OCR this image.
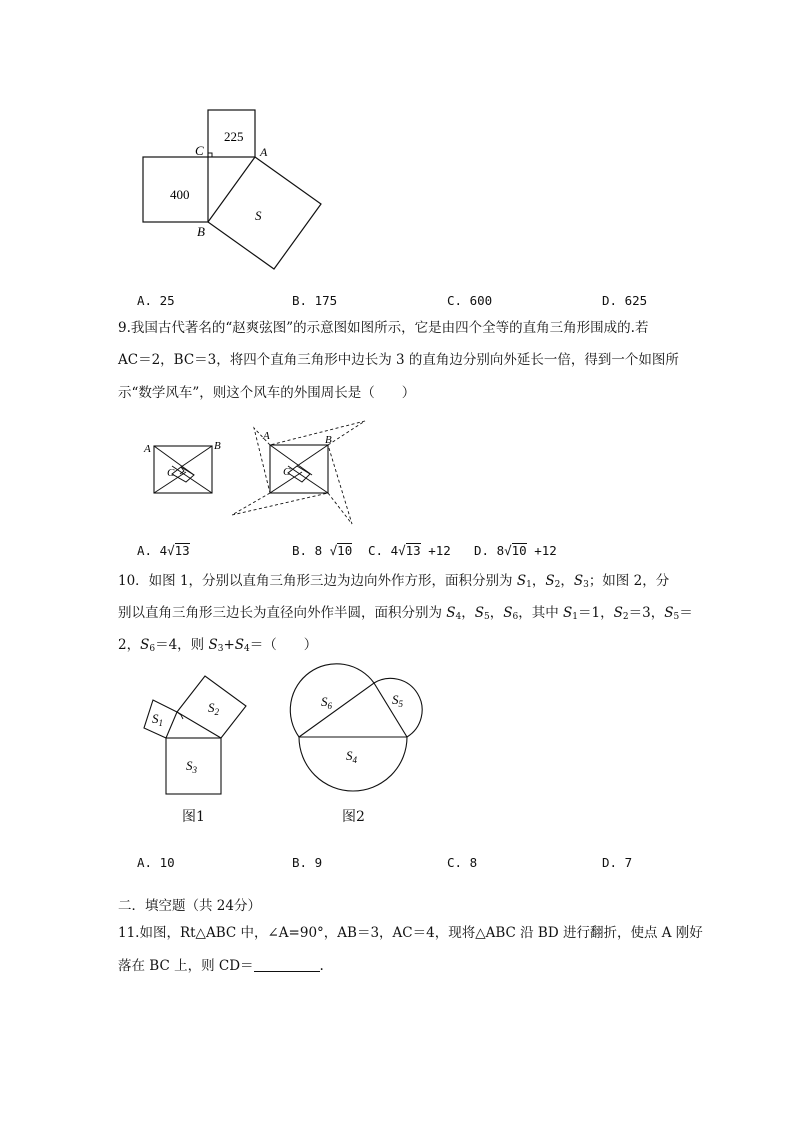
225
400
S
C	A
B
A. 25	B. 175	C. 600	D. 625
9.我国古代著名的“赵爽弦图”的示意图如图所示，它是由四个全等的直角三角形围成的.若
AC＝2，BC＝3，将四个直角三角形中边长为 3 的直角边分别向外延长一倍，得到一个如图所
示“数学风车”，则这个风车的外围周长是（　　）
A	B
C
A	B
C
A. 4√13	B. 8 √10 C. 4√13 +12 D. 8√10 +12
10．如图 1，分别以直角三角形三边为边向外作方形，面积分别为 $S_1$，$S_2$，$S_3$；如图 2，分
别以直角三角形三边长为直径向外作半圆，面积分别为 $S_4$，$S_5$，$S_6$，其中 $S_1=1$，$S_2=3$，$S_5=$
2，$S_6=4$，则 $S_3+S_4=$（　　）
$S_1$
$S_2$
$S_3$
$S_6$	$S_5$
$S_4$
图1	图2
A. 10	B. 9	C. 8	D. 7
二．填空题（共 24分）
11.如图，Rt△ABC 中，∠A=90°，AB＝3，AC＝4，现将△ABC 沿 BD 进行翻折，使点 A 刚好
落在 BC 上，则 CD＝	.
